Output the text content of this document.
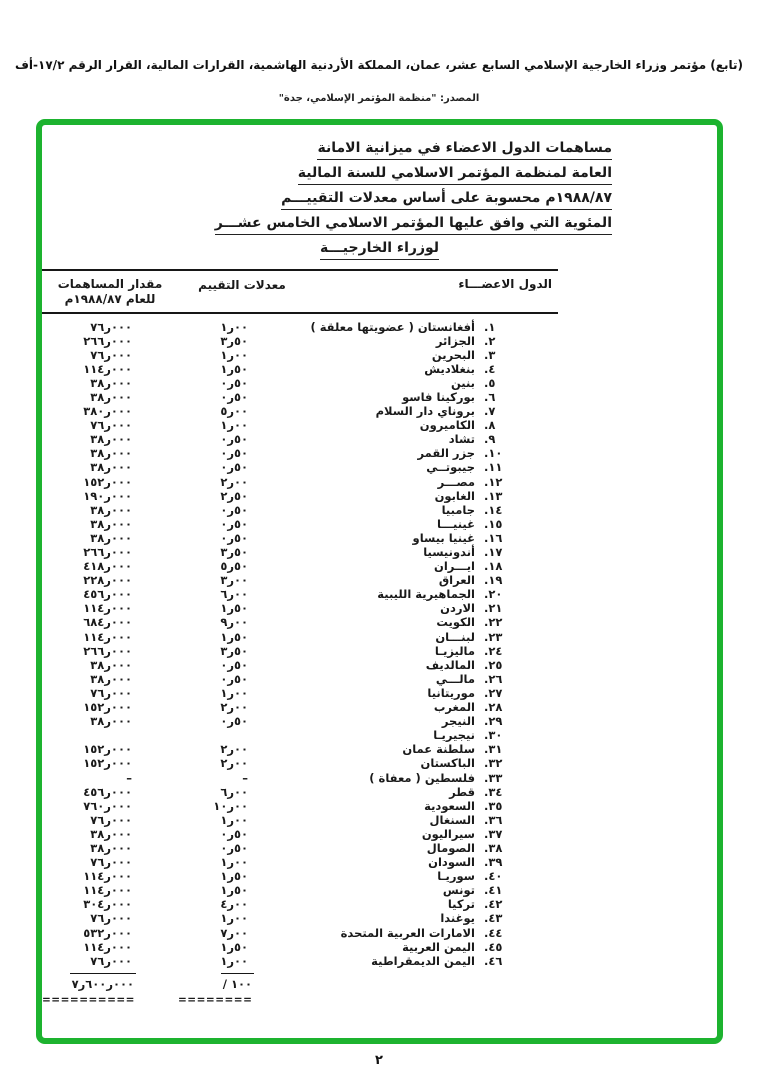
(تابع) مؤتمر وزراء الخارجية الإسلامي السابع عشر، عمان، المملكة الأردنية الهاشمية، القرارات المالية، القرار الرقم ١٧/٢-أف
المصدر: "منظمة المؤتمر الإسلامي، جدة"
مساهمات الدول الاعضاء في ميزانية الامانة
العامة لمنظمة المؤتمر الاسلامي للسنة المالية
١٩٨٨/٨٧م محسوبة على أساس معدلات التقييـــم
المئوية التي وافق عليها المؤتمر الاسلامي الخامس عشـــر
لوزراء الخارجيـــة
الدول الاعضـــاء
معدلات التقييم
مقدار المساهمات
للعام ١٩٨٨/٨٧م
١.
أفغانستان ( عضويتها معلقة )
١ر٠٠
٧٦ر٠٠٠
٢.
الجزائر
٣ر٥٠
٢٦٦ر٠٠٠
٣.
البحرين
١ر٠٠
٧٦ر٠٠٠
٤.
بنغلاديش
١ر٥٠
١١٤ر٠٠٠
٥.
بنين
٠ر٥٠
٣٨ر٠٠٠
٦.
بوركينا فاسو
٠ر٥٠
٣٨ر٠٠٠
٧.
بروناي دار السلام
٥ر٠٠
٣٨٠ر٠٠٠
٨.
الكاميرون
١ر٠٠
٧٦ر٠٠٠
٩.
تشاد
٠ر٥٠
٣٨ر٠٠٠
١٠.
جزر القمر
٠ر٥٠
٣٨ر٠٠٠
١١.
جيبوتــي
٠ر٥٠
٣٨ر٠٠٠
١٢.
مصـــر
٢ر٠٠
١٥٢ر٠٠٠
١٣.
الغابون
٢ر٥٠
١٩٠ر٠٠٠
١٤.
جامبيا
٠ر٥٠
٣٨ر٠٠٠
١٥.
غينيـــا
٠ر٥٠
٣٨ر٠٠٠
١٦.
غينيا بيساو
٠ر٥٠
٣٨ر٠٠٠
١٧.
أندونيسيا
٣ر٥٠
٢٦٦ر٠٠٠
١٨.
ايـــران
٥ر٥٠
٤١٨ر٠٠٠
١٩.
العراق
٣ر٠٠
٢٢٨ر٠٠٠
٢٠.
الجماهيرية الليبية
٦ر٠٠
٤٥٦ر٠٠٠
٢١.
الاردن
١ر٥٠
١١٤ر٠٠٠
٢٢.
الكويت
٩ر٠٠
٦٨٤ر٠٠٠
٢٣.
لبنـــان
١ر٥٠
١١٤ر٠٠٠
٢٤.
ماليزيـا
٣ر٥٠
٢٦٦ر٠٠٠
٢٥.
المالديف
٠ر٥٠
٣٨ر٠٠٠
٢٦.
مالـــي
٠ر٥٠
٣٨ر٠٠٠
٢٧.
موريتانيا
١ر٠٠
٧٦ر٠٠٠
٢٨.
المغرب
٢ر٠٠
١٥٢ر٠٠٠
٢٩.
النيجر
٠ر٥٠
٣٨ر٠٠٠
٣٠.
نيجيريـا
٣١.
سلطنة عمان
٢ر٠٠
١٥٢ر٠٠٠
٣٢.
الباكستان
٢ر٠٠
١٥٢ر٠٠٠
٣٣.
فلسطين ( معفاة )
–
–
٣٤.
قطر
٦ر٠٠
٤٥٦ر٠٠٠
٣٥.
السعودية
١٠ر٠٠
٧٦٠ر٠٠٠
٣٦.
السنغال
١ر٠٠
٧٦ر٠٠٠
٣٧.
سيراليون
٠ر٥٠
٣٨ر٠٠٠
٣٨.
الصومال
٠ر٥٠
٣٨ر٠٠٠
٣٩.
السودان
١ر٠٠
٧٦ر٠٠٠
٤٠.
سوريـا
١ر٥٠
١١٤ر٠٠٠
٤١.
تونس
١ر٥٠
١١٤ر٠٠٠
٤٢.
تركيا
٤ر٠٠
٣٠٤ر٠٠٠
٤٣.
يوغندا
١ر٠٠
٧٦ر٠٠٠
٤٤.
الامارات العربية المتحدة
٧ر٠٠
٥٣٢ر٠٠٠
٤٥.
اليمن العربية
١ر٥٠
١١٤ر٠٠٠
٤٦.
اليمن الديمقراطية
١ر٠٠
٧٦ر٠٠٠
/ ١٠٠
٧ر٦٠٠ر٠٠٠
========
==========
٢
